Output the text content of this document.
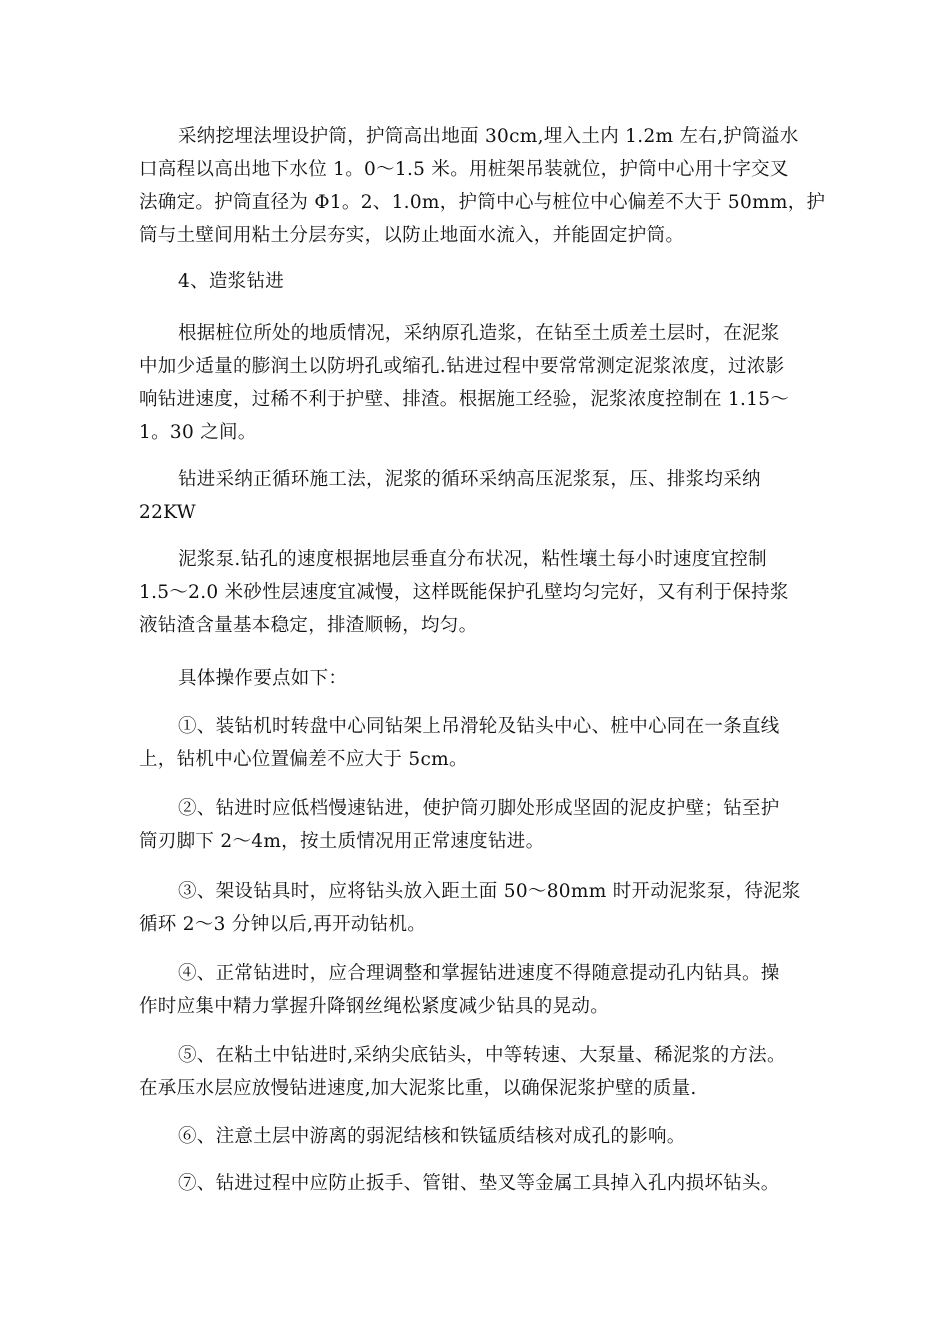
采纳挖埋法埋设护筒，护筒高出地面 30cm,埋入土内 1.2m 左右,护筒溢水
口高程以高出地下水位 1。0～1.5 米。用桩架吊装就位，护筒中心用十字交叉
法确定。护筒直径为 Φ1。2、1.0m，护筒中心与桩位中心偏差不大于 50mm，护
筒与土壁间用粘土分层夯实，以防止地面水流入，并能固定护筒。

4、造浆钻进

根据桩位所处的地质情况，采纳原孔造浆，在钻至土质差土层时，在泥浆
中加少适量的膨润土以防坍孔或缩孔.钻进过程中要常常测定泥浆浓度，过浓影
响钻进速度，过稀不利于护壁、排渣。根据施工经验，泥浆浓度控制在 1.15～
1。30 之间。

钻进采纳正循环施工法，泥浆的循环采纳高压泥浆泵，压、排浆均采纳
22KW

泥浆泵.钻孔的速度根据地层垂直分布状况，粘性壤土每小时速度宜控制
1.5～2.0 米砂性层速度宜减慢，这样既能保护孔壁均匀完好，又有利于保持浆
液钻渣含量基本稳定，排渣顺畅，均匀。

具体操作要点如下：

①、装钻机时转盘中心同钻架上吊滑轮及钻头中心、桩中心同在一条直线
上，钻机中心位置偏差不应大于 5cm。

②、钻进时应低档慢速钻进，使护筒刃脚处形成坚固的泥皮护壁；钻至护
筒刃脚下 2～4m，按土质情况用正常速度钻进。

③、架设钻具时，应将钻头放入距土面 50～80mm 时开动泥浆泵，待泥浆
循环 2～3 分钟以后,再开动钻机。

④、正常钻进时，应合理调整和掌握钻进速度不得随意提动孔内钻具。操
作时应集中精力掌握升降钢丝绳松紧度减少钻具的晃动。

⑤、在粘土中钻进时,采纳尖底钻头，中等转速、大泵量、稀泥浆的方法。
在承压水层应放慢钻进速度,加大泥浆比重，以确保泥浆护壁的质量.

⑥、注意土层中游离的弱泥结核和铁锰质结核对成孔的影响。

⑦、钻进过程中应防止扳手、管钳、垫叉等金属工具掉入孔内损坏钻头。
